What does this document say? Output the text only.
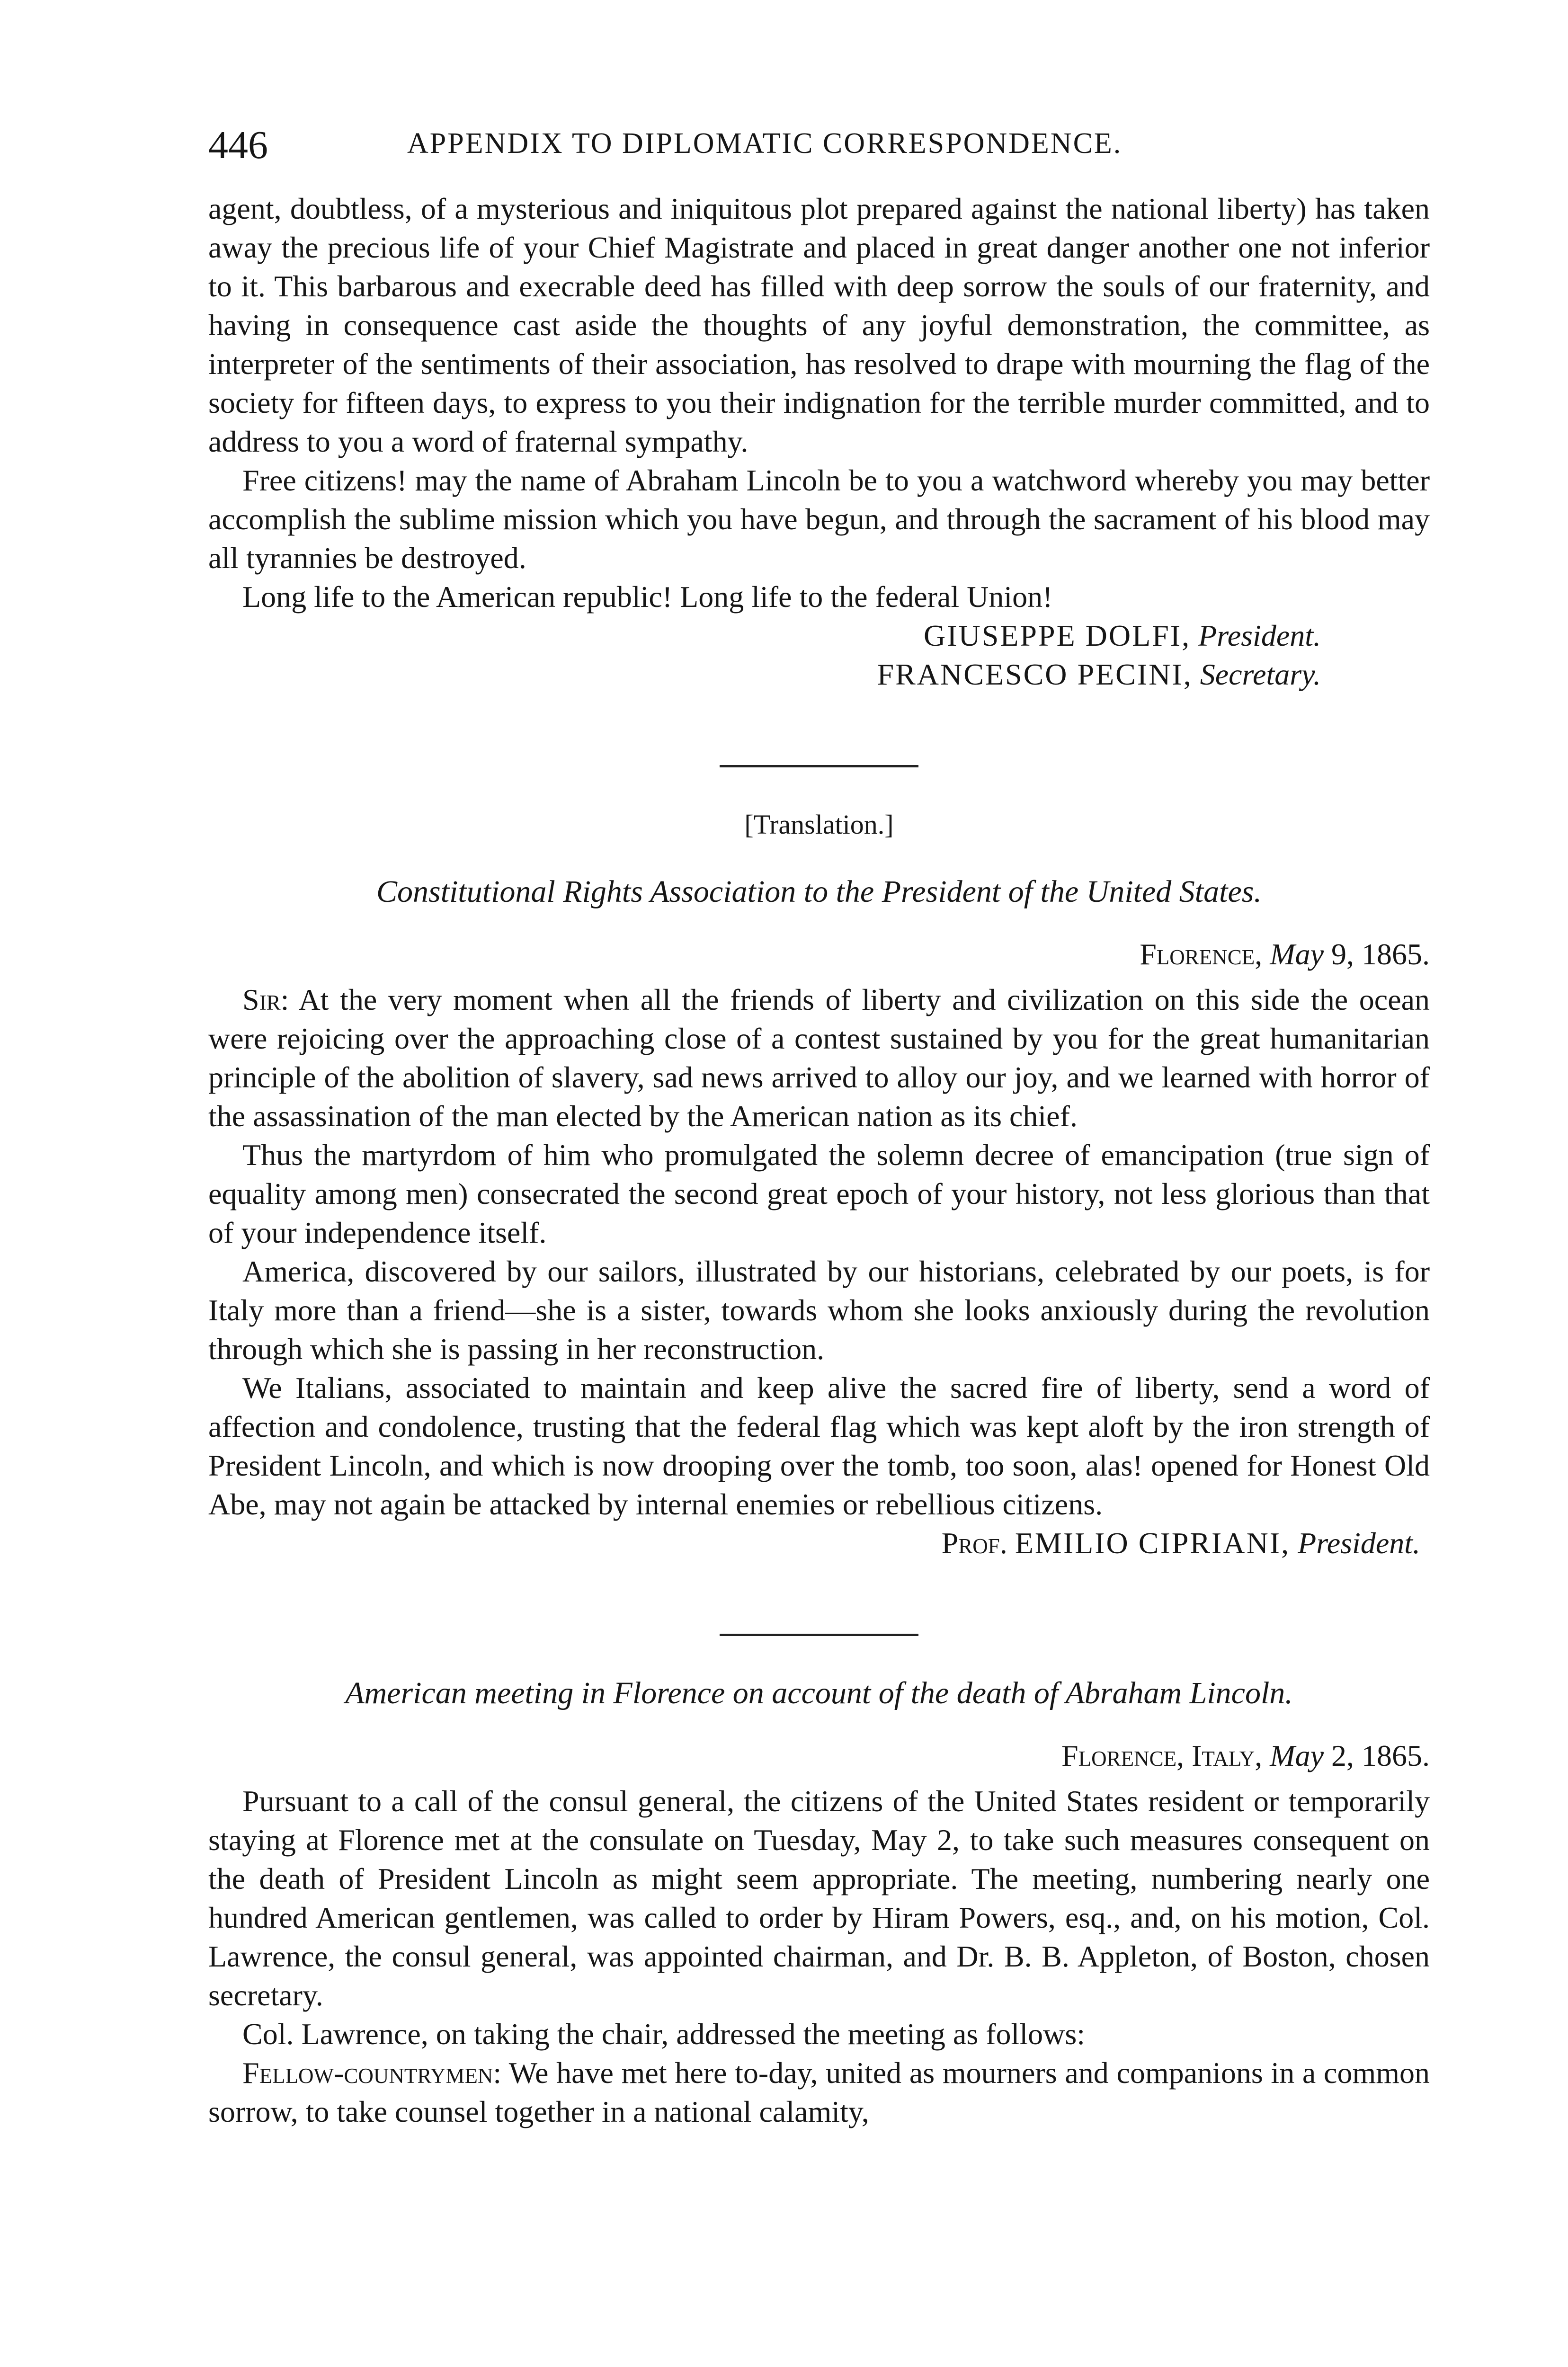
446	APPENDIX TO DIPLOMATIC CORRESPONDENCE.

agent, doubtless, of a mysterious and iniquitous plot prepared against the national liberty) has taken away the precious life of your Chief Magistrate and placed in great danger another one not inferior to it. This barbarous and execrable deed has filled with deep sorrow the souls of our fraternity, and having in consequence cast aside the thoughts of any joyful demonstration, the committee, as interpreter of the sentiments of their association, has resolved to drape with mourning the flag of the society for fifteen days, to express to you their indignation for the terrible murder committed, and to address to you a word of fraternal sympathy.

Free citizens! may the name of Abraham Lincoln be to you a watchword whereby you may better accomplish the sublime mission which you have begun, and through the sacrament of his blood may all tyrannies be destroyed.

Long life to the American republic! Long life to the federal Union!

GIUSEPPE DOLFI, President.
FRANCESCO PECINI, Secretary.
[Translation.]
Constitutional Rights Association to the President of the United States.
Florence, May 9, 1865.

Sir: At the very moment when all the friends of liberty and civilization on this side the ocean were rejoicing over the approaching close of a contest sustained by you for the great humanitarian principle of the abolition of slavery, sad news arrived to alloy our joy, and we learned with horror of the assassination of the man elected by the American nation as its chief.

Thus the martyrdom of him who promulgated the solemn decree of emancipation (true sign of equality among men) consecrated the second great epoch of your history, not less glorious than that of your independence itself.

America, discovered by our sailors, illustrated by our historians, celebrated by our poets, is for Italy more than a friend—she is a sister, towards whom she looks anxiously during the revolution through which she is passing in her reconstruction.

We Italians, associated to maintain and keep alive the sacred fire of liberty, send a word of affection and condolence, trusting that the federal flag which was kept aloft by the iron strength of President Lincoln, and which is now drooping over the tomb, too soon, alas! opened for Honest Old Abe, may not again be attacked by internal enemies or rebellious citizens.

Prof. EMILIO CIPRIANI, President.
American meeting in Florence on account of the death of Abraham Lincoln.
Florence, Italy, May 2, 1865.

Pursuant to a call of the consul general, the citizens of the United States resident or temporarily staying at Florence met at the consulate on Tuesday, May 2, to take such measures consequent on the death of President Lincoln as might seem appropriate. The meeting, numbering nearly one hundred American gentlemen, was called to order by Hiram Powers, esq., and, on his motion, Col. Lawrence, the consul general, was appointed chairman, and Dr. B. B. Appleton, of Boston, chosen secretary.

Col. Lawrence, on taking the chair, addressed the meeting as follows:

Fellow-countrymen: We have met here to-day, united as mourners and companions in a common sorrow, to take counsel together in a national calamity,
